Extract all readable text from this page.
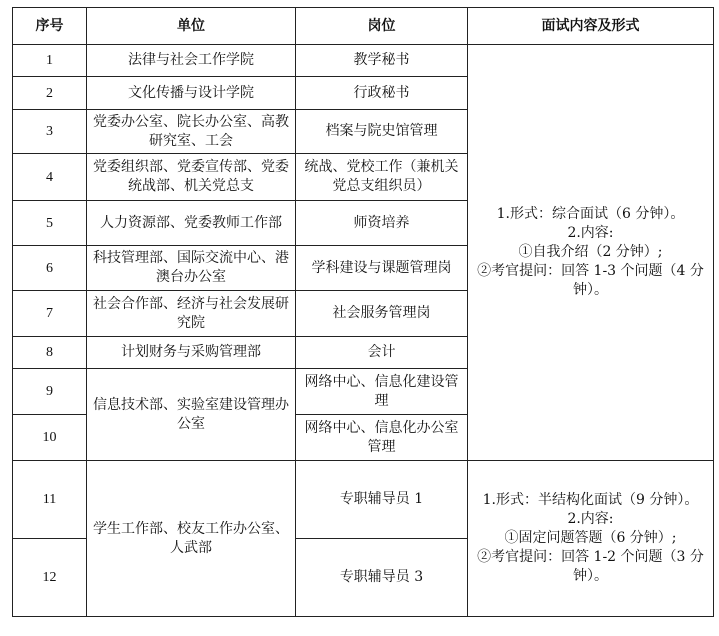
序号	单位	岗位	面试内容及形式
1	法律与社会工作学院	教学秘书	1.形式：综合面试（6 分钟）。
2.内容:
①自我介绍（2 分钟）;
②考官提问：回答 1-3 个问题（4 分钟）。

2	文化传播与设计学院	行政秘书	
3	党委办公室、院长办公室、高教研究室、工会	档案与院史馆管理	
4	党委组织部、党委宣传部、党委统战部、机关党总支	统战、党校工作（兼机关党总支组织员）	
5	人力资源部、党委教师工作部	师资培养	
6	科技管理部、国际交流中心、港澳台办公室	学科建设与课题管理岗	
7	社会合作部、经济与社会发展研究院	社会服务管理岗	
8	计划财务与采购管理部	会计	
9	信息技术部、实验室建设管理办公室	网络中心、信息化建设管理	
10		网络中心、信息化办公室管理	
11	学生工作部、校友工作办公室、人武部	专职辅导员 1	1.形式：半结构化面试（9 分钟）。
2.内容:
①固定问题答题（6 分钟）;
②考官提问：回答 1-2 个问题（3 分钟）。

12		专职辅导员 3	
